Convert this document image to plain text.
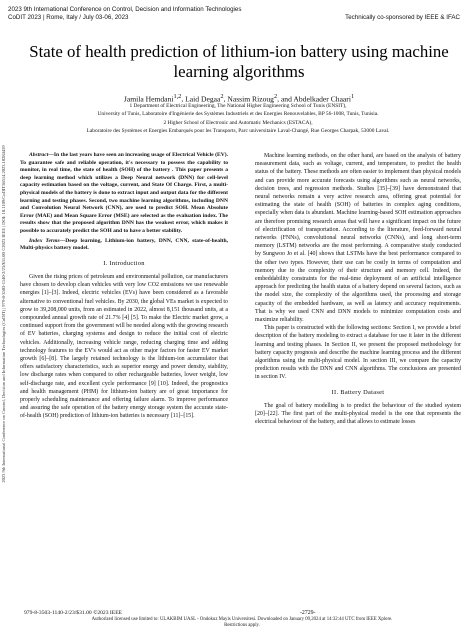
2023 9th International Conference on Control, Decision and Information Technologies
CoDIT 2023 | Rome, Italy / July 03-06, 2023	Technically co-sponsored by IEEE & IFAC
2023 9th International Conference on Control, Decision and Information Technologies (CoDIT) | 979-8-3503-1140-2/23/$31.00 ©2023 IEEE | DOI: 10.1109/CoDIT58514.2023.10284459
State of health prediction of lithium-ion battery using machine learning algorithms
Jamila Hemdani$^{1,2}$, Laid Degaa$^2$, Nassim Rizoug$^2$, and Abdelkader Chaari$^1$
1 Department of Electrical Engineering, The National Higher Engineering School of Tunis (ENSIT),
University of Tunis, Laboratoire d'Ingénierie des Systèmes Industriels et des Energies Renouvelables, BP 56-1008, Tunis, Tunisia.
2 Higher School of Electronic and Automatic Mechanics (ESTACA),
Laboratoire des Systèmes et Energies Embarqués pour les Transports, Parc universitaire Laval-Changé, Rue Georges Charpak, 53000 Laval.

Abstract—In the last years have seen an increasing usage of Electrical Vehicle (EV). To guarantee safe and reliable operation, it's necessary to possess the capability to monitor, in real time, the state of health (SOH) of the battery . This paper presents a deep learning method which utilizes a Deep Neural network (DNN) for cell-level capacity estimation based on the voltage, current, and State Of Charge. First, a multi-physical models of the battery is done to extract input and output data for the different learning and testing phases. Second, two machine learning algorithms, including DNN and Convolution Neural Network (CNN), are used to predict SOH. Mean Absolute Error (MAE) and Mean Square Error (MSE) are selected as the evaluation index. The results show that the proposed algorithm DNN has the weakest error, which makes it possible to accurately predict the SOH and to have a better stability.

Index Terms—Deep learning, Lithium-ion battery, DNN, CNN, state-of-health, Multi-physics battery model.

I. Introduction

Given the rising prices of petroleum and environmental pollution, car manufacturers have chosen to develop clean vehicles with very low CO2 emissions we use renewable energies [1]–[3]. Indeed, electric vehicles (EVs) have been considered as a favorable alternative to conventional fuel vehicles. By 2030, the global VEs market is expected to grow to 39,208,000 units, from an estimated in 2022, almost 8,151 thousand units, at a compounded annual growth rate of 21.7% [4] [5]. To make the Electric market grow, a continued support from the government will be needed along with the growing research of EV batteries, charging systems and design to reduce the initial cost of electric vehicles. Additionally, increasing vehicle range, reducing charging time and adding technology features to the EV's would act as other major factors for faster EV market growth [6]–[8]. The largely retained technology is the lithium-ion accumulator that offers satisfactory characteristics, such as superior energy and power density, stability, low discharge rates when compared to other rechargeable batteries, lower weight, low self-discharge rate, and excellent cycle performance [9] [10]. Indeed, the prognostics and health management (PHM) for lithium-ion battery are of great importance for properly scheduling maintenance and offering failure alarm. To improve performance and assuring the safe operation of the battery energy storage system the accurate state-of-health (SOH) prediction of lithium-ion batteries is necessary [11]–[15].

Machine learning methods, on the other hand, are based on the analysis of battery measurement data, such as voltage, current, and temperature, to predict the health status of the battery. These methods are often easier to implement than physical models and can provide more accurate forecasts using algorithms such as neural networks, decision trees, and regression methods. Studies [35]–[39] have demonstrated that neural networks remain a very active research area, offering great potential for estimating the state of health (SOH) of batteries in complex aging conditions, especially when data is abundant. Machine learning-based SOH estimation approaches are therefore promising research areas that will have a significant impact on the future of electrification of transportation. According to the literature, feed-forward neural networks (FNNs), convolutional neural networks (CNNs), and long short-term memory (LSTM) networks are the most performing. A comparative study conducted by Sungwoo Jo et al. [40] shows that LSTMs have the best performance compared to the other two types. However, their use can be costly in terms of computation and memory due to the complexity of their structure and memory cell. Indeed, the embeddability constraints for the real-time deployment of an artificial intelligence approach for predicting the health status of a battery depend on several factors, such as the model size, the complexity of the algorithms used, the processing and storage capacity of the embedded hardware, as well as latency and accuracy requirements. That is why we used CNN and DNN models to minimize computation costs and maximize reliability.

This paper is constructed with the following sections: Section I, we provide a brief description of the battery modeling to extract a database for use it later in the different learning and testing phases. In Section II, we present the proposed methodology for battery capacity prognosis and describe the machine learning process and the different algorithms using the multi-physical model. In section III, we compare the capacity prediction results with the DNN and CNN algorithms. The conclusions are presented in section IV.

II. Battery Dataset

The goal of battery modelling is to predict the behaviour of the studied system [20]–[22]. The first part of the multi-physical model is the one that represents the electrical behaviour of the battery, and that allows to estimate losses

979-8-3503-1140-2/23/$31.00 ©2023 IEEE	-2729-
Authorized licensed use limited to: ULAKBIM UASL - Ondokuz Mayis Universitesi. Downloaded on January 09,2024 at 14:32:44 UTC from IEEE Xplore. Restrictions apply.
